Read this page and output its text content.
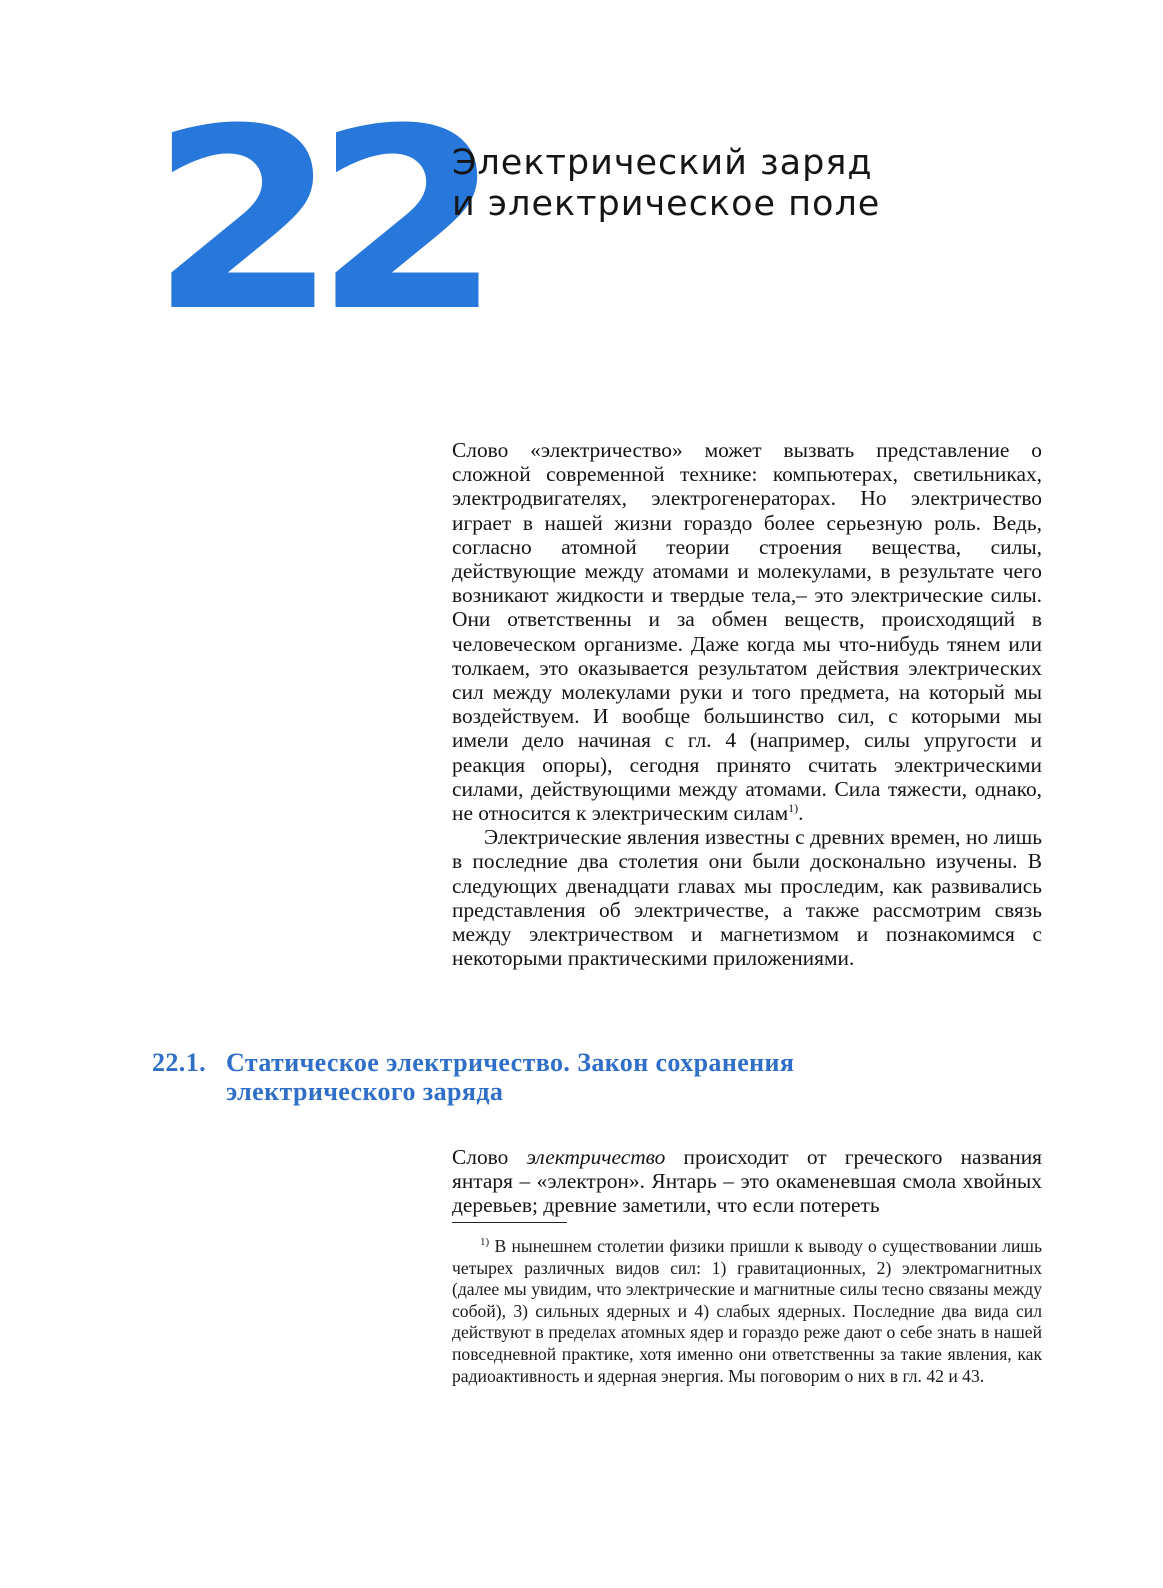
22
Электрический заряд
и электрическое поле

Слово «электричество» может вызвать представление о сложной современной технике: компьютерах, светильниках, электродвигателях, электрогенераторах. Но электричество играет в нашей жизни гораздо более серьезную роль. Ведь, согласно атомной теории строения вещества, силы, действующие между атомами и молекулами, в результате чего возникают жидкости и твердые тела,– это электрические силы. Они ответственны и за обмен веществ, происходящий в человеческом организме. Даже когда мы что-нибудь тянем или толкаем, это оказывается результатом действия электрических сил между молекулами руки и того предмета, на который мы воздействуем. И вообще большинство сил, с которыми мы имели дело начиная с гл. 4 (например, силы упругости и реакция опоры), сегодня принято считать электрическими силами, действующими между атомами. Сила тяжести, однако, не относится к электрическим силам$^{1)}$.

Электрические явления известны с древних времен, но лишь в последние два столетия они были досконально изучены. В следующих двенадцати главах мы проследим, как развивались представления об электричестве, а также рассмотрим связь между электричеством и магнетизмом и познакомимся с некоторыми практическими приложениями.

22.1. Статическое электричество. Закон сохранения
электрического заряда

Слово электричество происходит от греческого названия янтаря – «электрон». Янтарь – это окаменевшая смола хвойных деревьев; древние заметили, что если потереть

$^{1)}$ В нынешнем столетии физики пришли к выводу о существовании лишь четырех различных видов сил: 1) гравитационных, 2) электромагнитных (далее мы увидим, что электрические и магнитные силы тесно связаны между собой), 3) сильных ядерных и 4) слабых ядерных. Последние два вида сил действуют в пределах атомных ядер и гораздо реже дают о себе знать в нашей повседневной практике, хотя именно они ответственны за такие явления, как радиоактивность и ядерная энергия. Мы поговорим о них в гл. 42 и 43.
